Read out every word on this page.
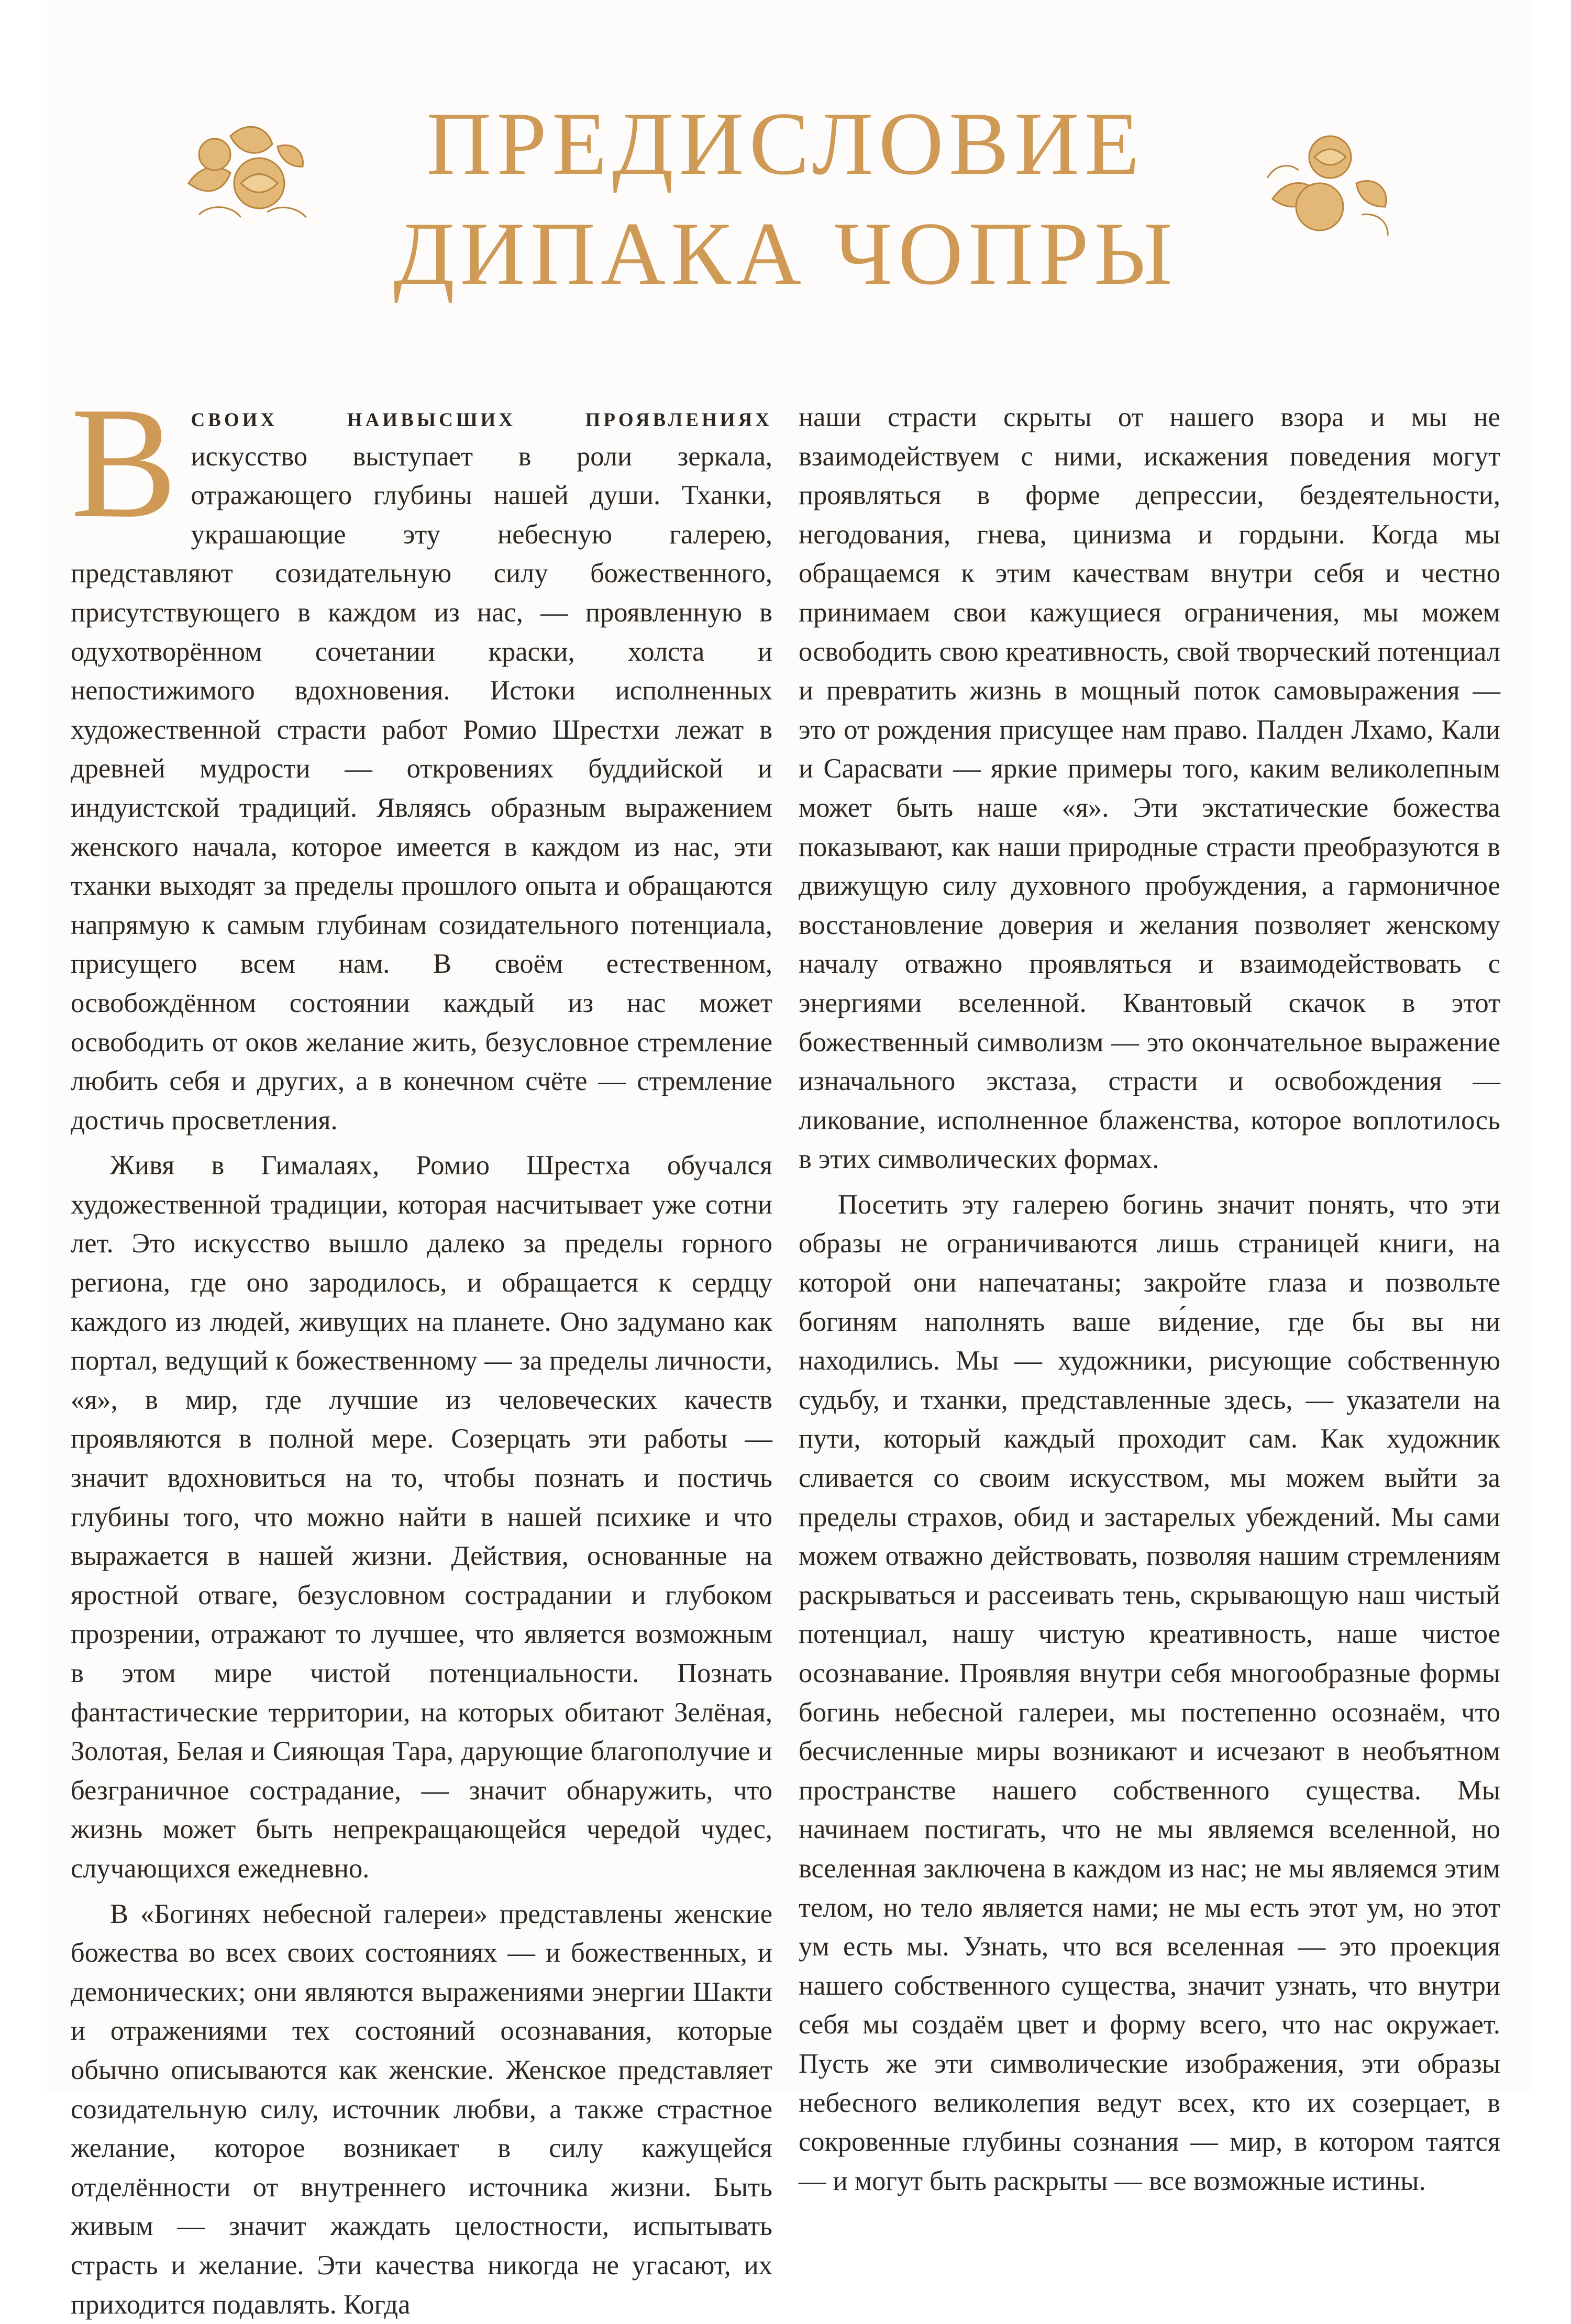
ПРЕДИСЛОВИЕ
ДИПАКА ЧОПРЫ

Всвоих наивысших проявлениях искусство выступает в роли зеркала, отражающего глубины нашей души. Тханки, украшающие эту небесную галерею, представляют созидательную силу божественного, присутствующего в каждом из нас, — проявленную в одухотворённом сочетании краски, холста и непостижимого вдохновения. Истоки исполненных художественной страсти работ Ромио Шрестхи лежат в древней мудрости — откровениях буддийской и индуистской традиций. Являясь образным выражением женского начала, которое имеется в каждом из нас, эти тханки выходят за пределы прошлого опыта и обращаются напрямую к самым глубинам созидательного потенциала, присущего всем нам. В своём естественном, освобождённом состоянии каждый из нас может освободить от оков желание жить, безусловное стремление любить себя и других, а в конечном счёте — стремление достичь просветления.

Живя в Гималаях, Ромио Шрестха обучался художественной традиции, которая насчитывает уже сотни лет. Это искусство вышло далеко за пределы горного региона, где оно зародилось, и обращается к сердцу каждого из людей, живущих на планете. Оно задумано как портал, ведущий к божественному — за пределы личности, «я», в мир, где лучшие из человеческих качеств проявляются в полной мере. Созерцать эти работы — значит вдохновиться на то, чтобы познать и постичь глубины того, что можно найти в нашей психике и что выражается в нашей жизни. Действия, основанные на яростной отваге, безусловном сострадании и глубоком прозрении, отражают то лучшее, что является возможным в этом мире чистой потенциальности. Познать фантастические территории, на которых обитают Зелёная, Золотая, Белая и Сияющая Тара, дарующие благополучие и безграничное сострадание, — значит обнаружить, что жизнь может быть непрекращающейся чередой чудес, случающихся ежедневно.

В «Богинях небесной галереи» представлены женские божества во всех своих состояниях — и божественных, и демонических; они являются выражениями энергии Шакти и отражениями тех состояний осознавания, которые обычно описываются как женские. Женское представляет созидательную силу, источник любви, а также страстное желание, которое возникает в силу кажущейся отделённости от внутреннего источника жизни. Быть живым — значит жаждать целостности, испытывать страсть и желание. Эти качества никогда не угасают, их приходится подавлять. Когда

наши страсти скрыты от нашего взора и мы не взаимодействуем с ними, искажения поведения могут проявляться в форме депрессии, бездеятельности, негодования, гнева, цинизма и гордыни. Когда мы обращаемся к этим качествам внутри себя и честно принимаем свои кажущиеся ограничения, мы можем освободить свою креативность, свой творческий потенциал и превратить жизнь в мощный поток самовыражения — это от рождения присущее нам право. Палден Лхамо, Кали и Сарасвати — яркие примеры того, каким великолепным может быть наше «я». Эти экстатические божества показывают, как наши природные страсти преобразуются в движущую силу духовного пробуждения, а гармоничное восстановление доверия и желания позволяет женскому началу отважно проявляться и взаимодействовать с энергиями вселенной. Квантовый скачок в этот божественный символизм — это окончательное выражение изначального экстаза, страсти и освобождения — ликование, исполненное блаженства, которое воплотилось в этих символических формах.

Посетить эту галерею богинь значит понять, что эти образы не ограничиваются лишь страницей книги, на которой они напечатаны; закройте глаза и позвольте богиням наполнять ваше ви́дение, где бы вы ни находились. Мы — художники, рисующие собственную судьбу, и тханки, представленные здесь, — указатели на пути, который каждый проходит сам. Как художник сливается со своим искусством, мы можем выйти за пределы страхов, обид и застарелых убеждений. Мы сами можем отважно действовать, позволяя нашим стремлениям раскрываться и рассеивать тень, скрывающую наш чистый потенциал, нашу чистую креативность, наше чистое осознавание. Проявляя внутри себя многообразные формы богинь небесной галереи, мы постепенно осознаём, что бесчисленные миры возникают и исчезают в необъятном пространстве нашего собственного существа. Мы начинаем постигать, что не мы являемся вселенной, но вселенная заключена в каждом из нас; не мы являемся этим телом, но тело является нами; не мы есть этот ум, но этот ум есть мы. Узнать, что вся вселенная — это проекция нашего собственного существа, значит узнать, что внутри себя мы создаём цвет и форму всего, что нас окружает. Пусть же эти символические изображения, эти образы небесного великолепия ведут всех, кто их созерцает, в сокровенные глубины сознания — мир, в котором таятся — и могут быть раскрыты — все возможные истины.
